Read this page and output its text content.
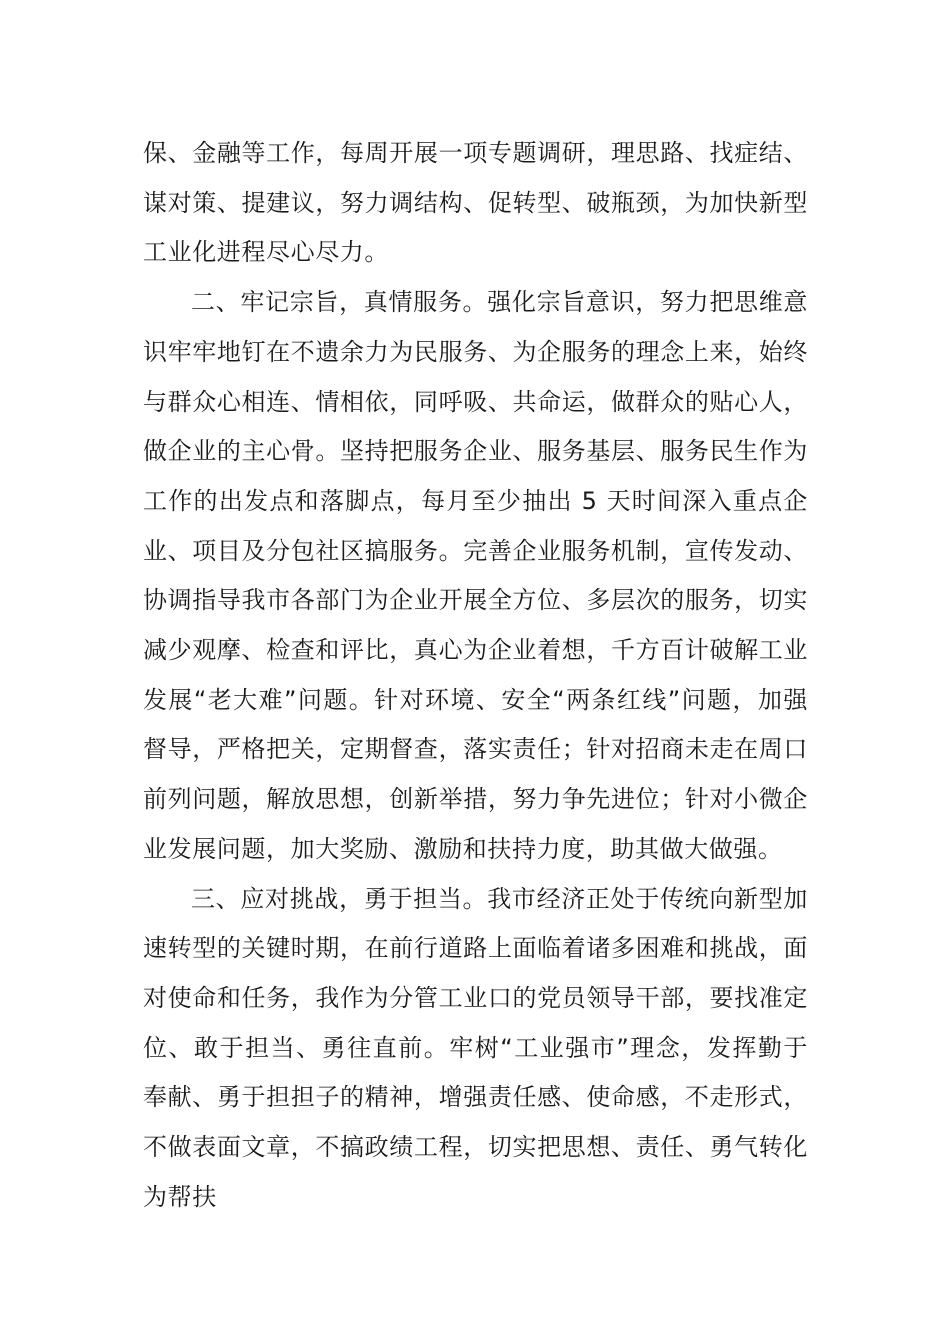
保、金融等工作，每周开展一项专题调研，理思路、找症结、谋对策、提建议，努力调结构、促转型、破瓶颈，为加快新型工业化进程尽心尽力。

二、牢记宗旨，真情服务。强化宗旨意识，努力把思维意识牢牢地钉在不遗余力为民服务、为企服务的理念上来，始终与群众心相连、情相依，同呼吸、共命运，做群众的贴心人，做企业的主心骨。坚持把服务企业、服务基层、服务民生作为工作的出发点和落脚点，每月至少抽出 5 天时间深入重点企业、项目及分包社区搞服务。完善企业服务机制，宣传发动、协调指导我市各部门为企业开展全方位、多层次的服务，切实减少观摩、检查和评比，真心为企业着想，千方百计破解工业发展“老大难”问题。针对环境、安全“两条红线”问题，加强督导，严格把关，定期督查，落实责任；针对招商未走在周口前列问题，解放思想，创新举措，努力争先进位；针对小微企业发展问题，加大奖励、激励和扶持力度，助其做大做强。

三、应对挑战，勇于担当。我市经济正处于传统向新型加速转型的关键时期，在前行道路上面临着诸多困难和挑战，面对使命和任务，我作为分管工业口的党员领导干部，要找准定位、敢于担当、勇往直前。牢树“工业强市”理念，发挥勤于奉献、勇于担担子的精神，增强责任感、使命感，不走形式，不做表面文章，不搞政绩工程，切实把思想、责任、勇气转化为帮扶
